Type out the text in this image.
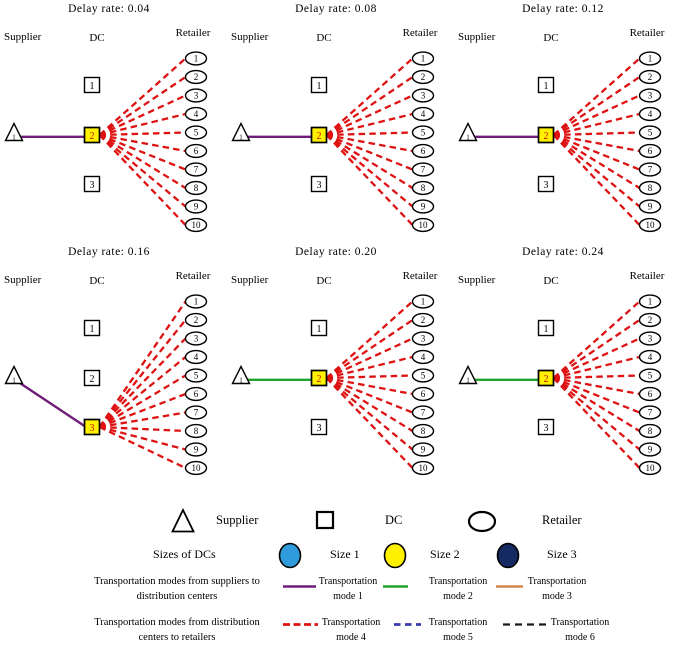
1
1
2
3
1
2
3
4
5
6
7
8
9
10
Delay rate: 0.04
Supplier	DC	Retailer
1
1
2
3
1
2
3
4
5
6
7
8
9
10
Delay rate: 0.08
Supplier	DC	Retailer
1
1
2
3
1
2
3
4
5
6
7
8
9
10
Delay rate: 0.12
Supplier	DC	Retailer
1
1
2
3
1
2
3
4
5
6
7
8
9
10
Delay rate: 0.16
Supplier	DC	Retailer
1
1
2
3
1
2
3
4
5
6
7
8
9
10
Delay rate: 0.20
Supplier	DC	Retailer
1
1
2
3
1
2
3
4
5
6
7
8
9
10
Delay rate: 0.24
Supplier	DC	Retailer
Supplier	DC	Retailer
Sizes of DCs	Size 1	Size 2	Size 3
Transportation modes from suppliers to
distribution centers
Transportation
mode 1
Transportation
mode 2
Transportation
mode 3
Transportation modes from distribution
centers to retailers
Transportation
mode 4
Transportation
mode 5
Transportation
mode 6
